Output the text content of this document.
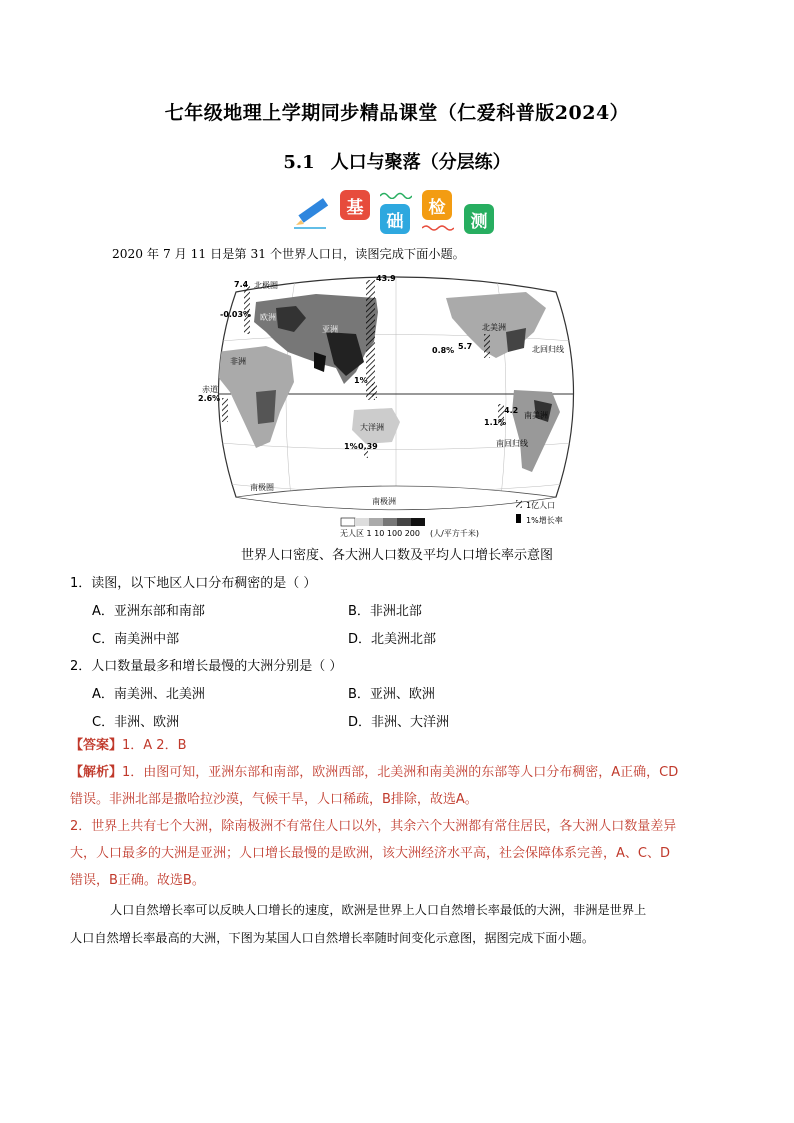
七年级地理上学期同步精品课堂（仁爱科普版2024）
5.1 人口与聚落（分层练）
基
础
检
测
2020 年 7 月 11 日是第 31 个世界人口日，读图完成下面小题。
北极圈
欧洲
亚洲
非洲
北美洲
南美洲
大洋洲
南极洲
赤道
北回归线
南回归线
南极圈
7.4
-0.03%
43.9
1%
2.6%
0.8% 5.7
4.2
1.1%
1% 0.39
1亿人口
1%增长率
无人区 1 10 100 200 (人/平方千米)
世界人口密度、各大洲人口数及平均人口增长率示意图
1．读图，以下地区人口分布稠密的是（ ）
A．亚洲东部和南部	B．非洲北部
C．南美洲中部	D．北美洲北部
2．人口数量最多和增长最慢的大洲分别是（ ）
A．南美洲、北美洲	B．亚洲、欧洲
C．非洲、欧洲	D．非洲、大洋洲
【答案】1．A 2．B
【解析】1．由图可知，亚洲东部和南部，欧洲西部，北美洲和南美洲的东部等人口分布稠密，A正确，CD
错误。非洲北部是撒哈拉沙漠，气候干旱，人口稀疏，B排除，故选A。
2．世界上共有七个大洲，除南极洲不有常住人口以外，其余六个大洲都有常住居民，各大洲人口数量差异
大，人口最多的大洲是亚洲；人口增长最慢的是欧洲，该大洲经济水平高，社会保障体系完善，A、C、D
错误，B正确。故选B。
人口自然增长率可以反映人口增长的速度，欧洲是世界上人口自然增长率最低的大洲，非洲是世界上
人口自然增长率最高的大洲，下图为某国人口自然增长率随时间变化示意图，据图完成下面小题。
